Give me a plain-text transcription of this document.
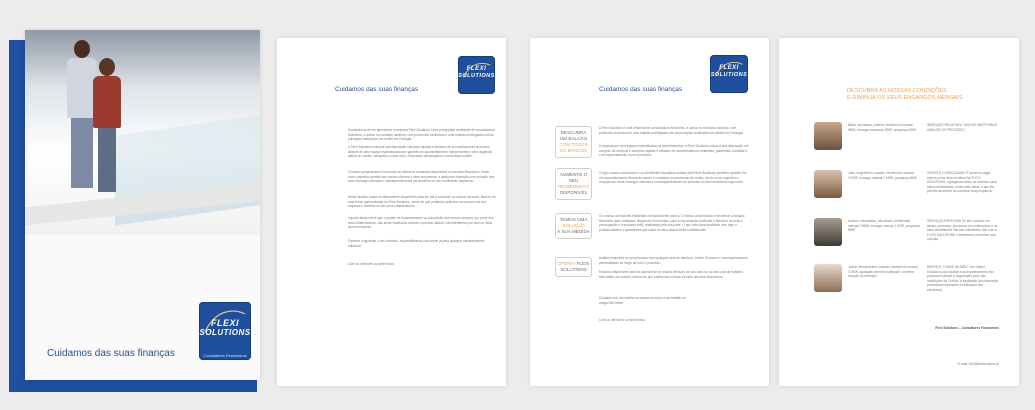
FLEXI
SOLUTIONS
Consultores Financeiros
Cuidamos das suas finanças
FLEXI
SOLUTIONS
Cuidamos das suas finanças
Gostaríamos de lhe apresentar a empresa Flexi Solutions. Uma privilegiada sociedade de consultadoria financeira, a actuar no mercado nacional, com protocolos exclusivos e uma relação privilegiada com as principais instituições de crédito em Portugal.
A Flexi Solutions coloca à sua disposição soluções rápidas e eficazes de aconselhamento financeiro, através de uma equipa especializada que garante um aconselhamento independente e uma vigilância atenta do crédito, adequado a cada caso, eliminando deslocações e burocracias inúteis.
O nosso compromisso é encontrar as melhores condições disponíveis no mercado financeiro, tendo como objectivo permitir aos nossos clientes o ideal empréstimo à particulas obtenção uma redução dos seus encargos mensais e consequentemente um aumento do seu rendimento disponível.
Neste sentido, estamos inteiramente disponíveis para lhe dar a conhecer os nossos serviços, através de uma breve apresentação da Flexi Solutions, certos de que podemos optimizar os recursos da sua empresa e também os dos seus colaboradores.
Importa ainda referir que o pedido de esclarecimento ou subscrição dos nossos serviços, por parte dos seus colaboradores, não serão realizados durante o período laboral, não interferindo por isso no ritmo da sua empresa.
Ficamos a aguardar o seu contacto, disponibilizando-nos desde já para qualquer esclarecimento adicional.
Com os melhores cumprimentos.
FLEXI
SOLUTIONS
Cuidamos das suas finanças
DESCUBRA UM BALCÃO
COM TODOS OS BANCOS
AUMENTE O SEU
RENDIMENTO
DISPONÍVEL
TEMOS UMA
SOLUÇÃO
À SUA MEDIDA
OFERTA FLEXI SOLUTIONS
A Flexi Solutions é uma empresa de consultadoria financeira, a actuar no mercado nacional, com protocolos exclusivos e uma relação privilegiada com as principais instituições de crédito em Portugal.
Composta por uma equipa especializada na área financeira, a Flexi Solutions coloca à sua disposição um conjunto de serviços e soluções rápidas e eficazes de aconselhamento financeiro, garantindo a análise e o acompanhamento do seu processo.
O rigor nossos consultores e os excelentes resultados obtidos pela Flexi Solutions permitem garantir-lhe um aconselhamento financeiro isento e condições excepcionais de crédito, tendo como objectivo a redução dos seus encargos mensais e consequentemente um aumento do seu rendimento disponível.
Os nossos consultores trabalham exclusivamente para si. O nosso compromisso é encontrar a solução financeira mais vantajosa, disponível no mercado, para a sua situação particular e libertá-lo de toda a preocupação e burocracia inútil, realizadas pela sua parte. O seu caso será analisado com rigor e profissionalismo e garantimos que todos os seus dados serão confidenciais.
Análise financeira do seu processo sem qualquer taxa de abertura. Gestor Exclusivo e acompanhamento personalizado ao longo de todo o processo.
Estamos disponíveis para lhe apresentar os nossos serviços, no seu caso ou no seu local de trabalho. Não existe um número mínimo de que poderemos colocar os seus recursos financeiros.
Contacte-nos. Aconselhe os nossos serviços a um familiar ou amigo! Até breve.
Com os melhores cumprimentos.
DESCUBRA AS NOSSAS CONDIÇÕES
E DIMINUA OS SEUS ENCARGOS MENSAIS
Maria, secretária, solteira, rendimento mensal 850€, encargo mensal de 520€, poupança 205€.
INSENÇÃO RELATIVA À TAXA DE ABERTURA E ANÁLISE DE PROCESSO
João, engenheiro, casado, rendimento mensal 3.000€, encargo mensal 1.150€, poupança 460€
CRÉDITO CONSOLIDADO É possível pagar menos pelos seus créditos! Na FLEXI SOLUTIONS, agregamos todos os créditos numa única mensalidade, muito mais baixa, o que lhe permite aumentar ou construir uma poupança.
António, informático, divorciado, rendimento mensal 2.500€, encargo mensal 1.200€, poupança 550€
SERVIÇOS ESPECIAIS Se tem créditos em atraso, penhoras, processos em contencioso e os seus rendimentos não são suficientes, fale com a FLEXI SOLUTIONS e tentaremos encontrar uma solução.
Joana, farmacêutica, casada, rendimento mensal 3.000€, aquisição primeira habitação, a melhor solução do mercado.
SERVIÇO "CHAVE NA MÃO" Um Gestor Exclusivo para análise e acompanhamento dos processos (desde a negociação junto das instituições de Crédito, à liquidação da informação processual necessária e realização das escrituras).
Flexi Solutions – Consultores Financeiros
E-mail: info@flexisolutions.pt
